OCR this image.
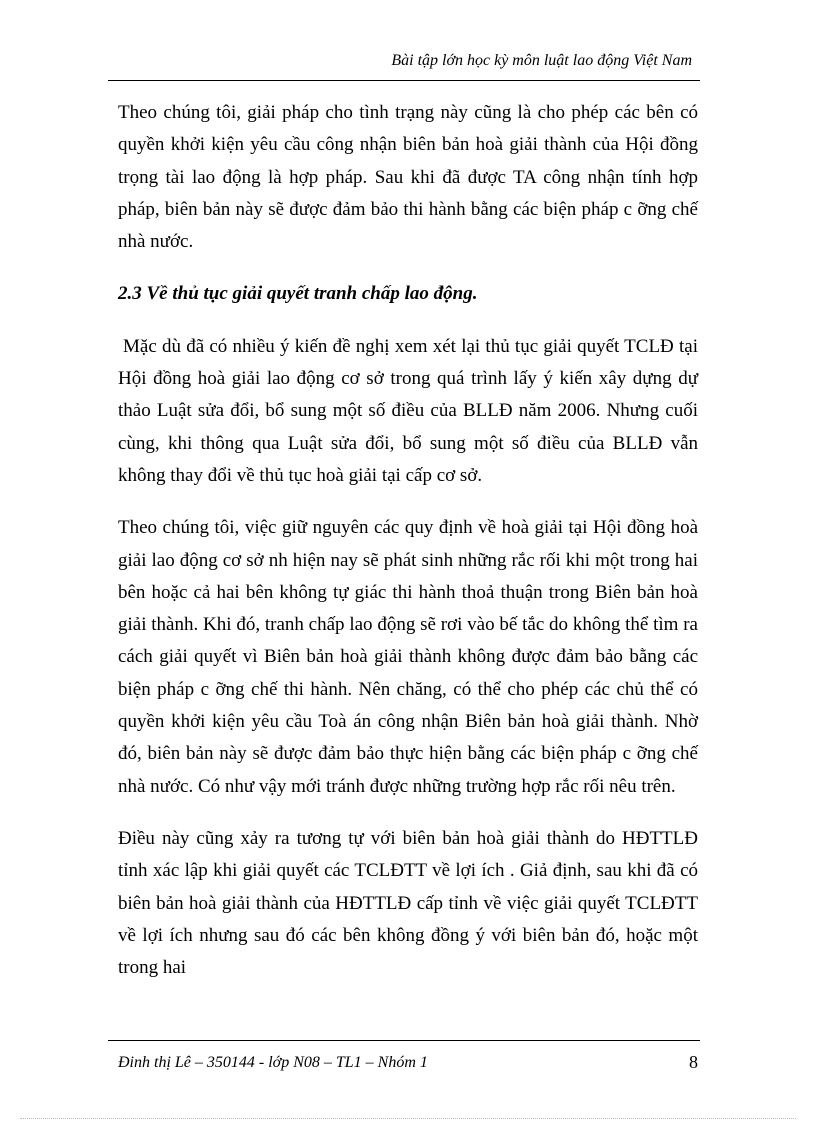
Bài tập lớn học kỳ môn luật lao động Việt Nam

Theo chúng tôi, giải pháp cho tình trạng này cũng là cho phép các bên có quyền khởi kiện yêu cầu công nhận biên bản hoà giải thành của Hội đồng trọng tài lao động là hợp pháp. Sau khi đã được TA công nhận tính hợp pháp, biên bản này sẽ được đảm bảo thi hành bằng các biện pháp c ỡng chế nhà nước.

2.3 Về thủ tục giải quyết tranh chấp lao động.

Mặc dù đã có nhiều ý kiến đề nghị xem xét lại thủ tục giải quyết TCLĐ tại Hội đồng hoà giải lao động cơ sở trong quá trình lấy ý kiến xây dựng dự thảo Luật sửa đổi, bổ sung một số điều của BLLĐ năm 2006. Nhưng cuối cùng, khi thông qua Luật sửa đổi, bổ sung một số điều của BLLĐ vẫn không thay đổi về thủ tục hoà giải tại cấp cơ sở.

Theo chúng tôi, việc giữ nguyên các quy định về hoà giải tại Hội đồng hoà giải lao động cơ sở nh hiện nay sẽ phát sinh những rắc rối khi một trong hai bên hoặc cả hai bên không tự giác thi hành thoả thuận trong Biên bản hoà giải thành. Khi đó, tranh chấp lao động sẽ rơi vào bế tắc do không thể tìm ra cách giải quyết vì Biên bản hoà giải thành không được đảm bảo bằng các biện pháp c ỡng chế thi hành. Nên chăng, có thể cho phép các chủ thể có quyền khởi kiện yêu cầu Toà án công nhận Biên bản hoà giải thành. Nhờ đó, biên bản này sẽ được đảm bảo thực hiện bằng các biện pháp c ỡng chế nhà nước. Có như vậy mới tránh được những trường hợp rắc rối nêu trên.

Điều này cũng xảy ra tương tự với biên bản hoà giải thành do HĐTTLĐ tỉnh xác lập khi giải quyết các TCLĐTT về lợi ích . Giả định, sau khi đã có biên bản hoà giải thành của HĐTTLĐ cấp tỉnh về việc giải quyết TCLĐTT về lợi ích nhưng sau đó các bên không đồng ý với biên bản đó, hoặc một trong hai

Đinh thị Lê – 350144 - lớp N08 – TL1 – Nhóm 1	8
